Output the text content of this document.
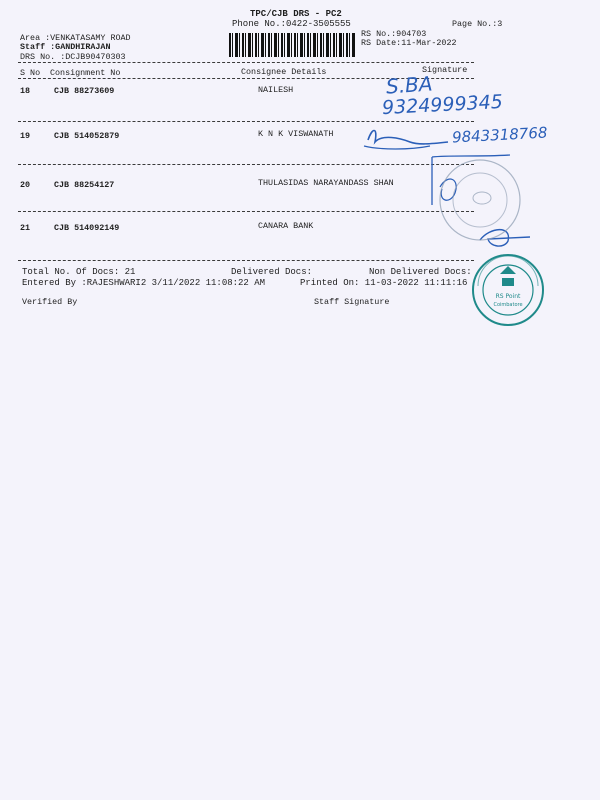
TPC/CJB DRS - PC2
Phone No.:0422-3505555
RS No.:904703
Page No.:3
RS Date:11-Mar-2022
Area :VENKATASAMY ROAD
Staff :GANDHIRAJAN
DRS No. :DCJB90470303
S No Consignment No	Consignee Details	Signature
18	CJB 88273609	NAILESH
19	CJB 514052879	K N K VISWANATH
20	CJB 88254127	THULASIDAS NARAYANDASS SHAN
21	CJB 514092149	CANARA BANK
Total No. Of Docs: 21	Delivered Docs:	Non Delivered Docs:
Entered By :RAJESHWARI2 3/11/2022 11:08:22 AM	Printed On: 11-03-2022 11:11:16
Verified By	Staff Signature
S.BA
9324999345
9843318768
RS Point
Coimbatore
